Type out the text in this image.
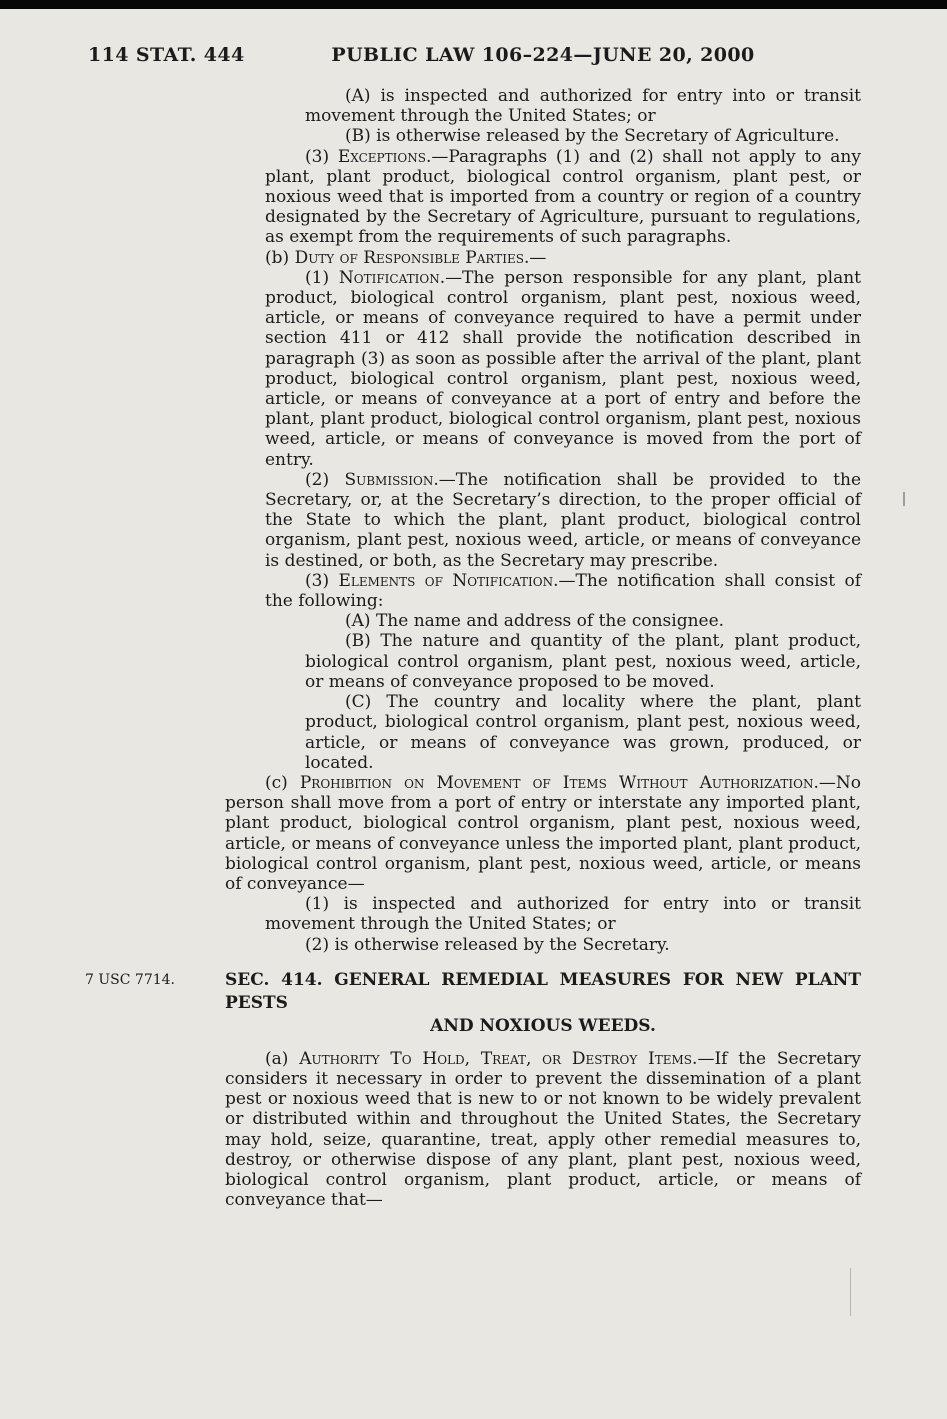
114 STAT. 444	PUBLIC LAW 106–224—JUNE 20, 2000

(A) is inspected and authorized for entry into or transit movement through the United States; or

(B) is otherwise released by the Secretary of Agriculture.

(3) Exceptions.—Paragraphs (1) and (2) shall not apply to any plant, plant product, biological control organism, plant pest, or noxious weed that is imported from a country or region of a country designated by the Secretary of Agriculture, pursuant to regulations, as exempt from the requirements of such paragraphs.

(b) Duty of Responsible Parties.—

(1) Notification.—The person responsible for any plant, plant product, biological control organism, plant pest, noxious weed, article, or means of conveyance required to have a permit under section 411 or 412 shall provide the notification described in paragraph (3) as soon as possible after the arrival of the plant, plant product, biological control organism, plant pest, noxious weed, article, or means of conveyance at a port of entry and before the plant, plant product, biological control organism, plant pest, noxious weed, article, or means of conveyance is moved from the port of entry.

(2) Submission.—The notification shall be provided to the Secretary, or, at the Secretary’s direction, to the proper official of the State to which the plant, plant product, biological control organism, plant pest, noxious weed, article, or means of conveyance is destined, or both, as the Secretary may prescribe.

(3) Elements of Notification.—The notification shall consist of the following:

(A) The name and address of the consignee.

(B) The nature and quantity of the plant, plant product, biological control organism, plant pest, noxious weed, article, or means of conveyance proposed to be moved.

(C) The country and locality where the plant, plant product, biological control organism, plant pest, noxious weed, article, or means of conveyance was grown, produced, or located.

(c) Prohibition on Movement of Items Without Authorization.—No person shall move from a port of entry or interstate any imported plant, plant product, biological control organism, plant pest, noxious weed, article, or means of conveyance unless the imported plant, plant product, biological control organism, plant pest, noxious weed, article, or means of conveyance—

(1) is inspected and authorized for entry into or transit movement through the United States; or

(2) is otherwise released by the Secretary.

7 USC 7714.	SEC. 414. GENERAL REMEDIAL MEASURES FOR NEW PLANT PESTS
AND NOXIOUS WEEDS.

(a) Authority To Hold, Treat, or Destroy Items.—If the Secretary considers it necessary in order to prevent the dissemination of a plant pest or noxious weed that is new to or not known to be widely prevalent or distributed within and throughout the United States, the Secretary may hold, seize, quarantine, treat, apply other remedial measures to, destroy, or otherwise dispose of any plant, plant pest, noxious weed, biological control organism, plant product, article, or means of conveyance that—
